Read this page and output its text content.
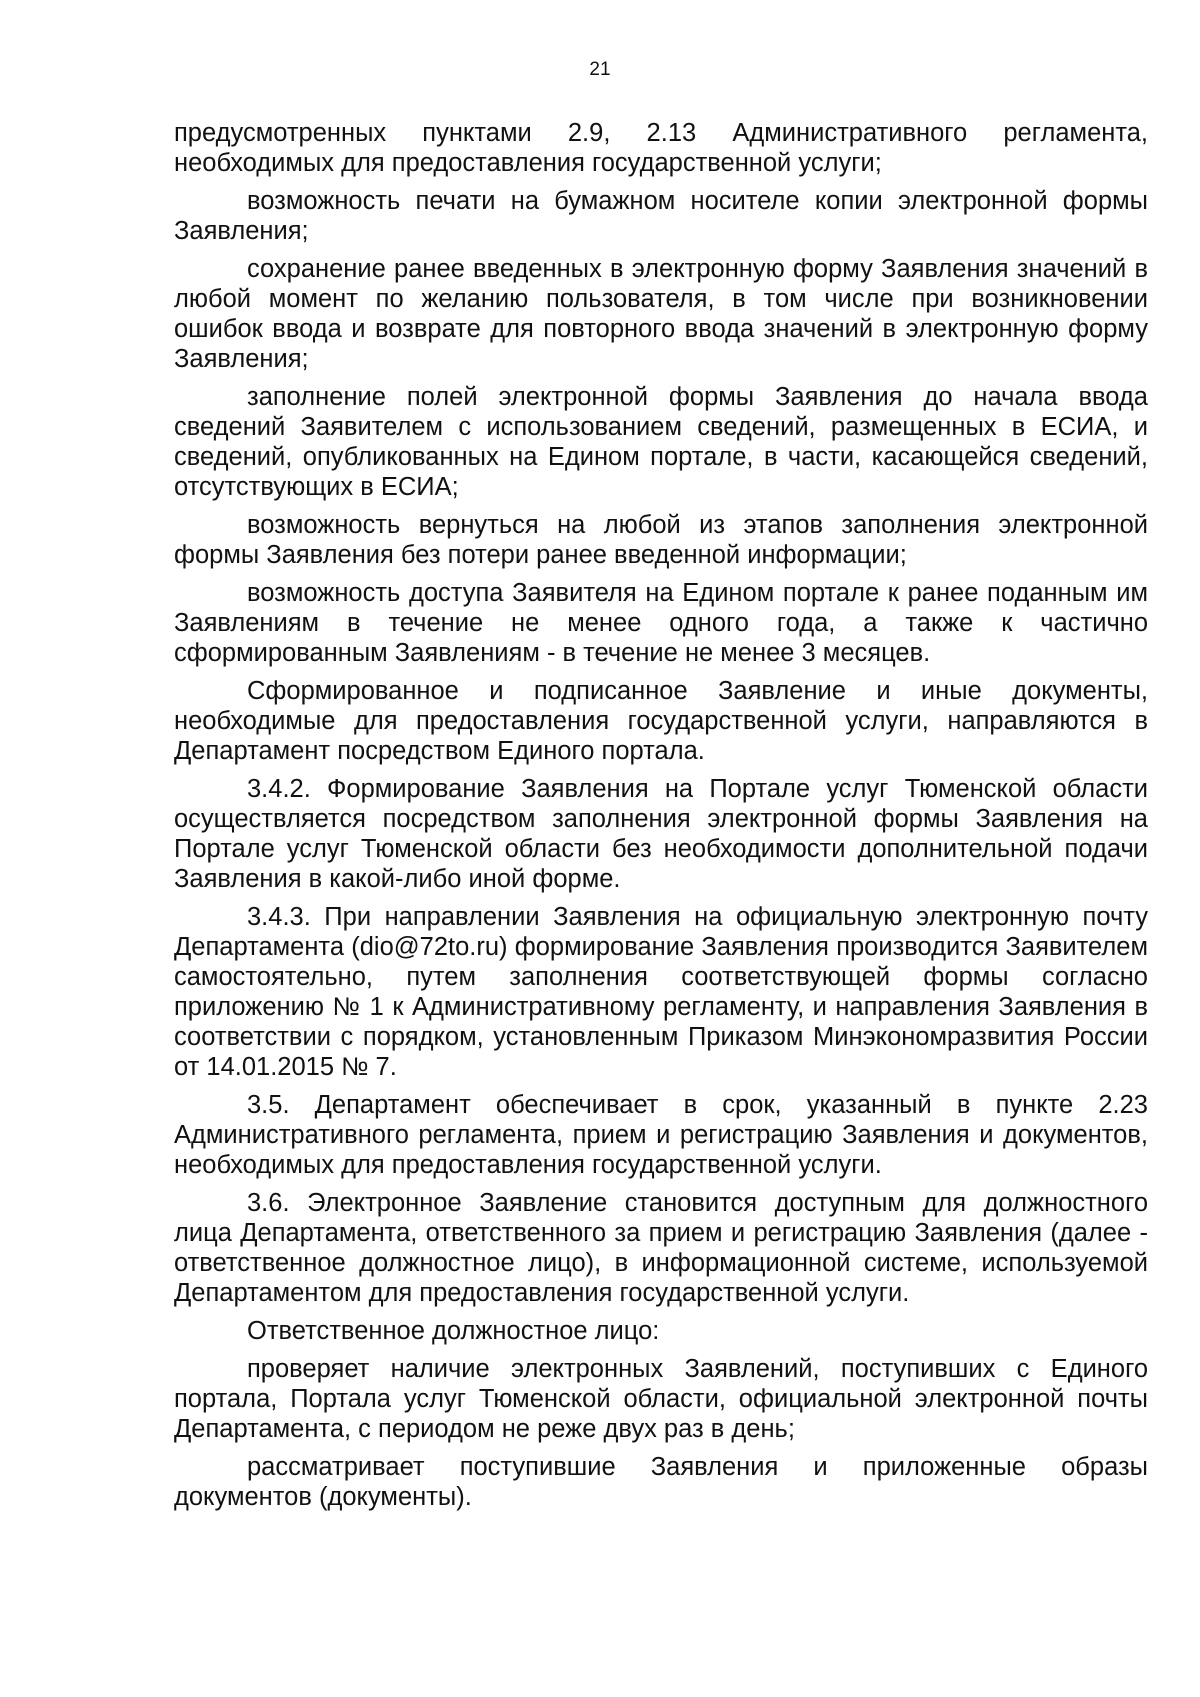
21

предусмотренных пунктами 2.9, 2.13 Административного регламента, необходимых для предоставления государственной услуги;

возможность печати на бумажном носителе копии электронной формы Заявления;

сохранение ранее введенных в электронную форму Заявления значений в любой момент по желанию пользователя, в том числе при возникновении ошибок ввода и возврате для повторного ввода значений в электронную форму Заявления;

заполнение полей электронной формы Заявления до начала ввода сведений Заявителем с использованием сведений, размещенных в ЕСИА, и сведений, опубликованных на Едином портале, в части, касающейся сведений, отсутствующих в ЕСИА;

возможность вернуться на любой из этапов заполнения электронной формы Заявления без потери ранее введенной информации;

возможность доступа Заявителя на Едином портале к ранее поданным им Заявлениям в течение не менее одного года, а также к частично сформированным Заявлениям - в течение не менее 3 месяцев.

Сформированное и подписанное Заявление и иные документы, необходимые для предоставления государственной услуги, направляются в Департамент посредством Единого портала.

3.4.2. Формирование Заявления на Портале услуг Тюменской области осуществляется посредством заполнения электронной формы Заявления на Портале услуг Тюменской области без необходимости дополнительной подачи Заявления в какой-либо иной форме.

3.4.3. При направлении Заявления на официальную электронную почту Департамента (dio@72to.ru) формирование Заявления производится Заявителем самостоятельно, путем заполнения соответствующей формы согласно приложению № 1 к Административному регламенту, и направления Заявления в соответствии с порядком, установленным Приказом Минэкономразвития России от 14.01.2015 № 7.

3.5. Департамент обеспечивает в срок, указанный в пункте 2.23 Административного регламента, прием и регистрацию Заявления и документов, необходимых для предоставления государственной услуги.

3.6. Электронное Заявление становится доступным для должностного лица Департамента, ответственного за прием и регистрацию Заявления (далее - ответственное должностное лицо), в информационной системе, используемой Департаментом для предоставления государственной услуги.

Ответственное должностное лицо:

проверяет наличие электронных Заявлений, поступивших с Единого портала, Портала услуг Тюменской области, официальной электронной почты Департамента, с периодом не реже двух раз в день;

рассматривает поступившие Заявления и приложенные образы документов (документы).
